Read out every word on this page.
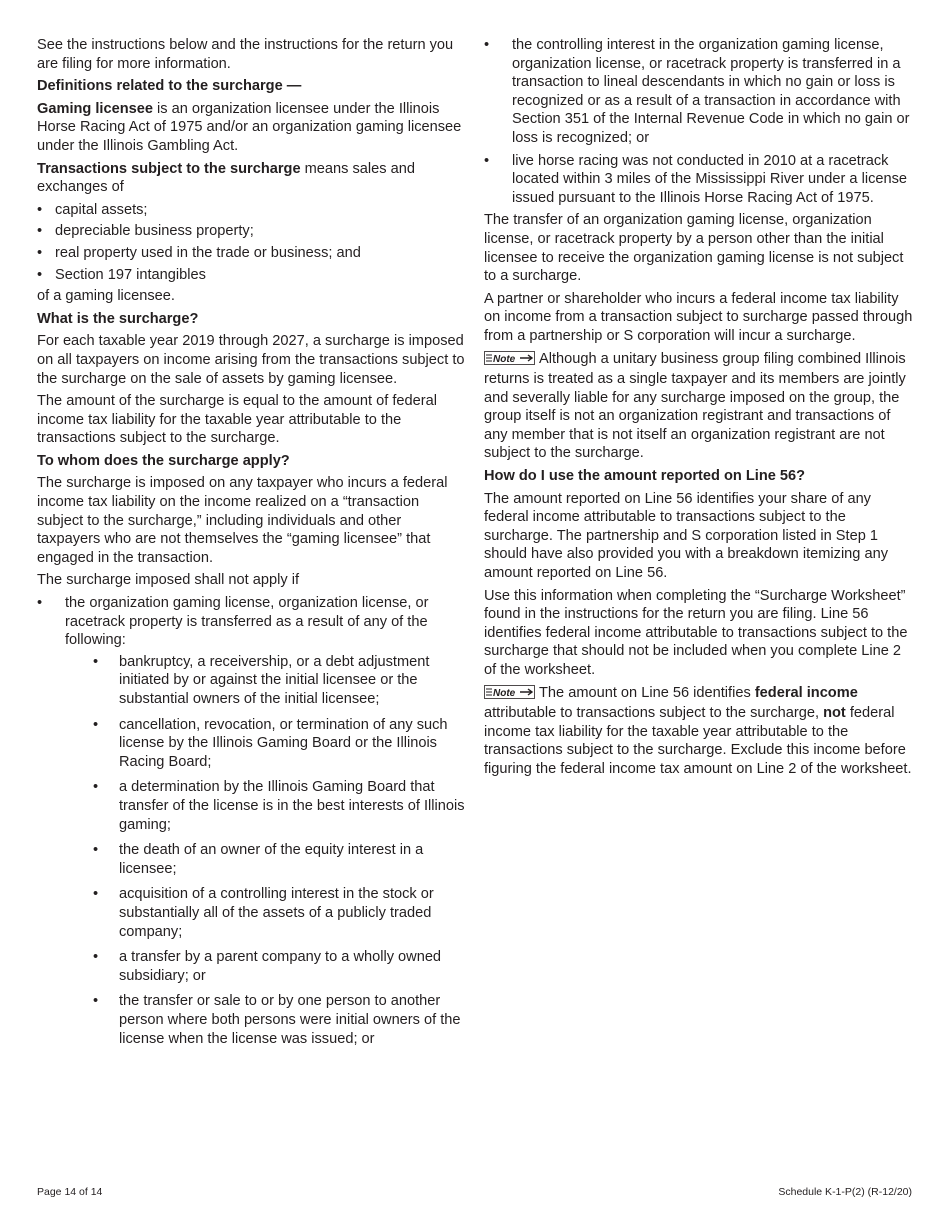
See the instructions below and the instructions for the return you are filing for more information.

Definitions related to the surcharge —

Gaming licensee is an organization licensee under the Illinois Horse Racing Act of 1975 and/or an organization gaming licensee under the Illinois Gambling Act.

Transactions subject to the surcharge means sales and exchanges of

• capital assets;
• depreciable business property;
• real property used in the trade or business; and
• Section 197 intangibles

of a gaming licensee.

What is the surcharge?

For each taxable year 2019 through 2027, a surcharge is imposed on all taxpayers on income arising from the transactions subject to the surcharge on the sale of assets by gaming licensee.

The amount of the surcharge is equal to the amount of federal income tax liability for the taxable year attributable to the transactions subject to the surcharge.

To whom does the surcharge apply?

The surcharge is imposed on any taxpayer who incurs a federal income tax liability on the income realized on a “transaction subject to the surcharge,” including individuals and other taxpayers who are not themselves the “gaming licensee” that engaged in the transaction.

The surcharge imposed shall not apply if

• the organization gaming license, organization license, or racetrack property is transferred as a result of any of the following:
• bankruptcy, a receivership, or a debt adjustment initiated by or against the initial licensee or the substantial owners of the initial licensee;
• cancellation, revocation, or termination of any such license by the Illinois Gaming Board or the Illinois Racing Board;
• a determination by the Illinois Gaming Board that transfer of the license is in the best interests of Illinois gaming;
• the death of an owner of the equity interest in a licensee;
• acquisition of a controlling interest in the stock or substantially all of the assets of a publicly traded company;
• a transfer by a parent company to a wholly owned subsidiary; or
• the transfer or sale to or by one person to another person where both persons were initial owners of the license when the license was issued; or
• the controlling interest in the organization gaming license, organization license, or racetrack property is transferred in a transaction to lineal descendants in which no gain or loss is recognized or as a result of a transaction in accordance with Section 351 of the Internal Revenue Code in which no gain or loss is recognized; or
• live horse racing was not conducted in 2010 at a racetrack located within 3 miles of the Mississippi River under a license issued pursuant to the Illinois Horse Racing Act of 1975.

The transfer of an organization gaming license, organization license, or racetrack property by a person other than the initial licensee to receive the organization gaming license is not subject to a surcharge.

A partner or shareholder who incurs a federal income tax liability on income from a transaction subject to surcharge passed through from a partnership or S corporation will incur a surcharge.

Note Although a unitary business group filing combined Illinois returns is treated as a single taxpayer and its members are jointly and severally liable for any surcharge imposed on the group, the group itself is not an organization registrant and transactions of any member that is not itself an organization registrant are not subject to the surcharge.

How do I use the amount reported on Line 56?

The amount reported on Line 56 identifies your share of any federal income attributable to transactions subject to the surcharge. The partnership and S corporation listed in Step 1 should have also provided you with a breakdown itemizing any amount reported on Line 56.

Use this information when completing the “Surcharge Worksheet” found in the instructions for the return you are filing. Line 56 identifies federal income attributable to transactions subject to the surcharge that should not be included when you complete Line 2 of the worksheet.

Note The amount on Line 56 identifies federal income attributable to transactions subject to the surcharge, not federal income tax liability for the taxable year attributable to the transactions subject to the surcharge. Exclude this income before figuring the federal income tax amount on Line 2 of the worksheet.

Page 14 of 14	Schedule K-1-P(2) (R-12/20)
